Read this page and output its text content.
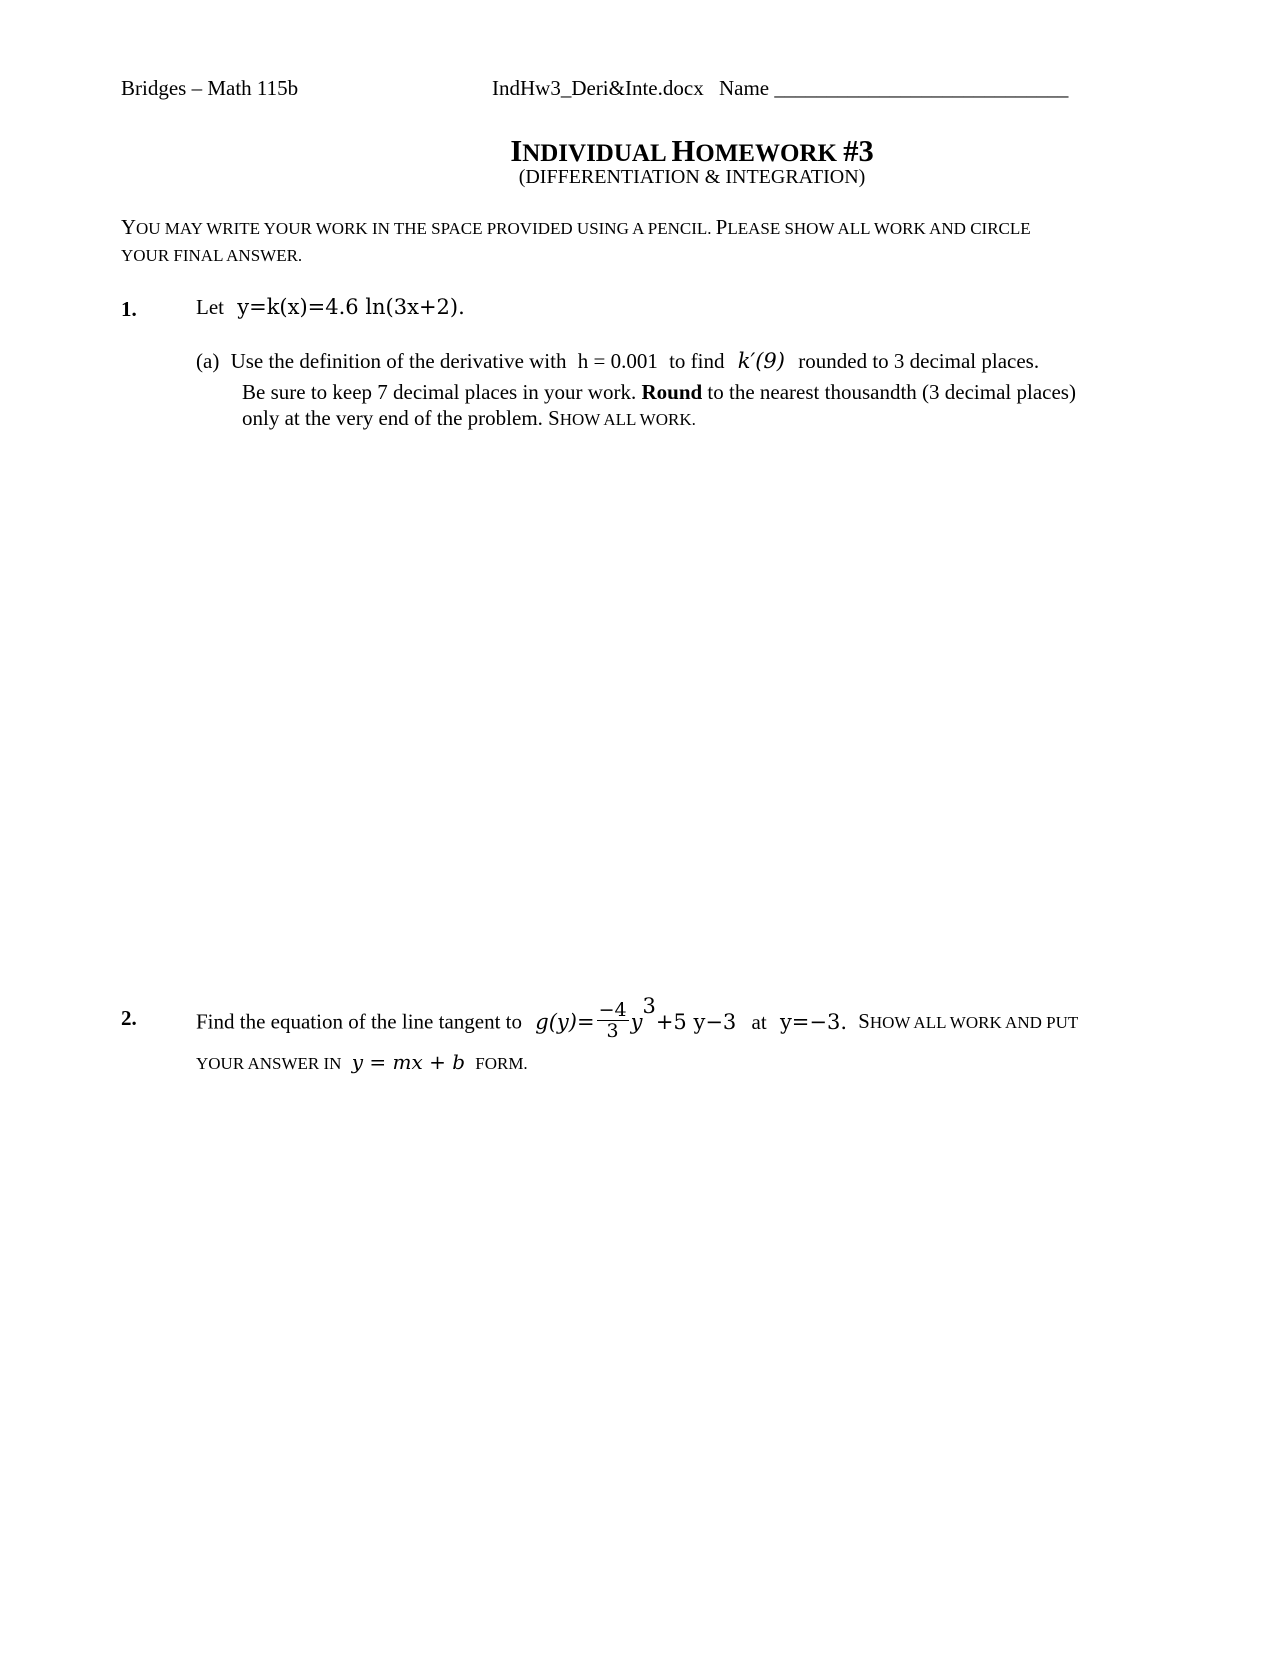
Bridges – Math 115b	IndHw3_Deri&Inte.docx Name ____________________________
INDIVIDUAL HOMEWORK #3
(DIFFERENTIATION & INTEGRATION)
YOU MAY WRITE YOUR WORK IN THE SPACE PROVIDED USING A PENCIL. PLEASE SHOW ALL WORK AND CIRCLE
YOUR FINAL ANSWER.
1.	Let y=k(x)=4.6 ln(3x+2).
(a) Use the definition of the derivative with h = 0.001 to find k′(9) rounded to 3 decimal places.
Be sure to keep 7 decimal places in your work. Round to the nearest thousandth (3 decimal places)
only at the very end of the problem. SHOW ALL WORK.
2.	Find the equation of the line tangent to $g(y)= \frac{-4}{3} y^3+5$ y−3 at y=−3. SHOW ALL WORK AND PUT
YOUR ANSWER IN y = mx + b FORM.
